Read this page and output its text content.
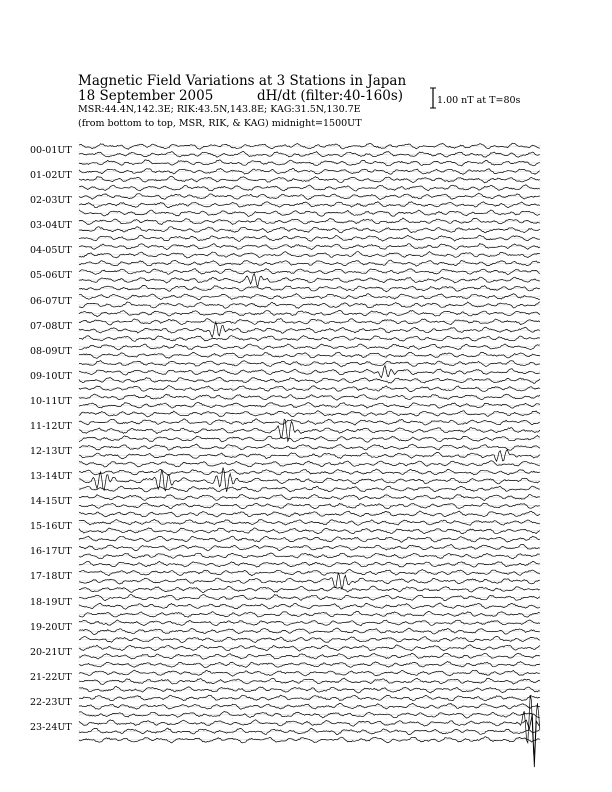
Magnetic Field Variations at 3 Stations in Japan
18 September 2005	dH/dt (filter:40-160s)
MSR:44.4N,142.3E; RIK:43.5N,143.8E; KAG:31.5N,130.7E
(from bottom to top, MSR, RIK, & KAG) midnight=1500UT
1.00 nT at T=80s
00-01UT
01-02UT
02-03UT
03-04UT
04-05UT
05-06UT
06-07UT
07-08UT
08-09UT
09-10UT
10-11UT
11-12UT
12-13UT
13-14UT
14-15UT
15-16UT
16-17UT
17-18UT
18-19UT
19-20UT
20-21UT
21-22UT
22-23UT
23-24UT
